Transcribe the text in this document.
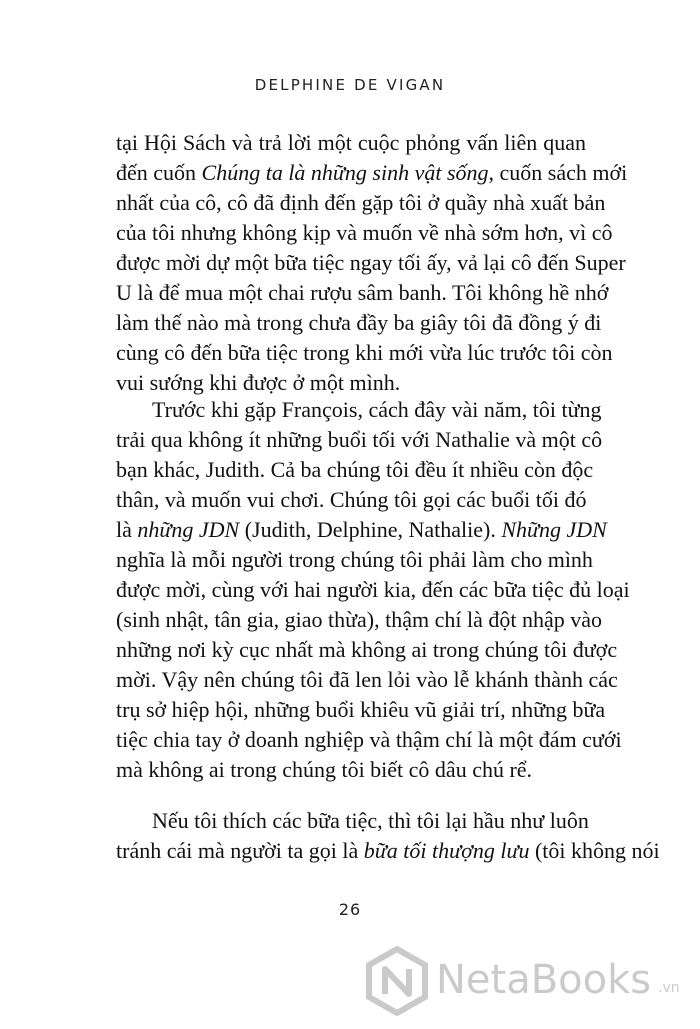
DELPHINE DE VIGAN
tại Hội Sách và trả lời một cuộc phỏng vấn liên quan
đến cuốn Chúng ta là những sinh vật sống, cuốn sách mới
nhất của cô, cô đã định đến gặp tôi ở quầy nhà xuất bản
của tôi nhưng không kịp và muốn về nhà sớm hơn, vì cô
được mời dự một bữa tiệc ngay tối ấy, vả lại cô đến Super
U là để mua một chai rượu sâm banh. Tôi không hề nhớ
làm thế nào mà trong chưa đầy ba giây tôi đã đồng ý đi
cùng cô đến bữa tiệc trong khi mới vừa lúc trước tôi còn
vui sướng khi được ở một mình.
Trước khi gặp François, cách đây vài năm, tôi từng
trải qua không ít những buổi tối với Nathalie và một cô
bạn khác, Judith. Cả ba chúng tôi đều ít nhiều còn độc
thân, và muốn vui chơi. Chúng tôi gọi các buổi tối đó
là những JDN (Judith, Delphine, Nathalie). Những JDN
nghĩa là mỗi người trong chúng tôi phải làm cho mình
được mời, cùng với hai người kia, đến các bữa tiệc đủ loại
(sinh nhật, tân gia, giao thừa), thậm chí là đột nhập vào
những nơi kỳ cục nhất mà không ai trong chúng tôi được
mời. Vậy nên chúng tôi đã len lỏi vào lễ khánh thành các
trụ sở hiệp hội, những buổi khiêu vũ giải trí, những bữa
tiệc chia tay ở doanh nghiệp và thậm chí là một đám cưới
mà không ai trong chúng tôi biết cô dâu chú rể.
Nếu tôi thích các bữa tiệc, thì tôi lại hầu như luôn
tránh cái mà người ta gọi là bữa tối thượng lưu (tôi không nói
26
NetaBooks .vn
